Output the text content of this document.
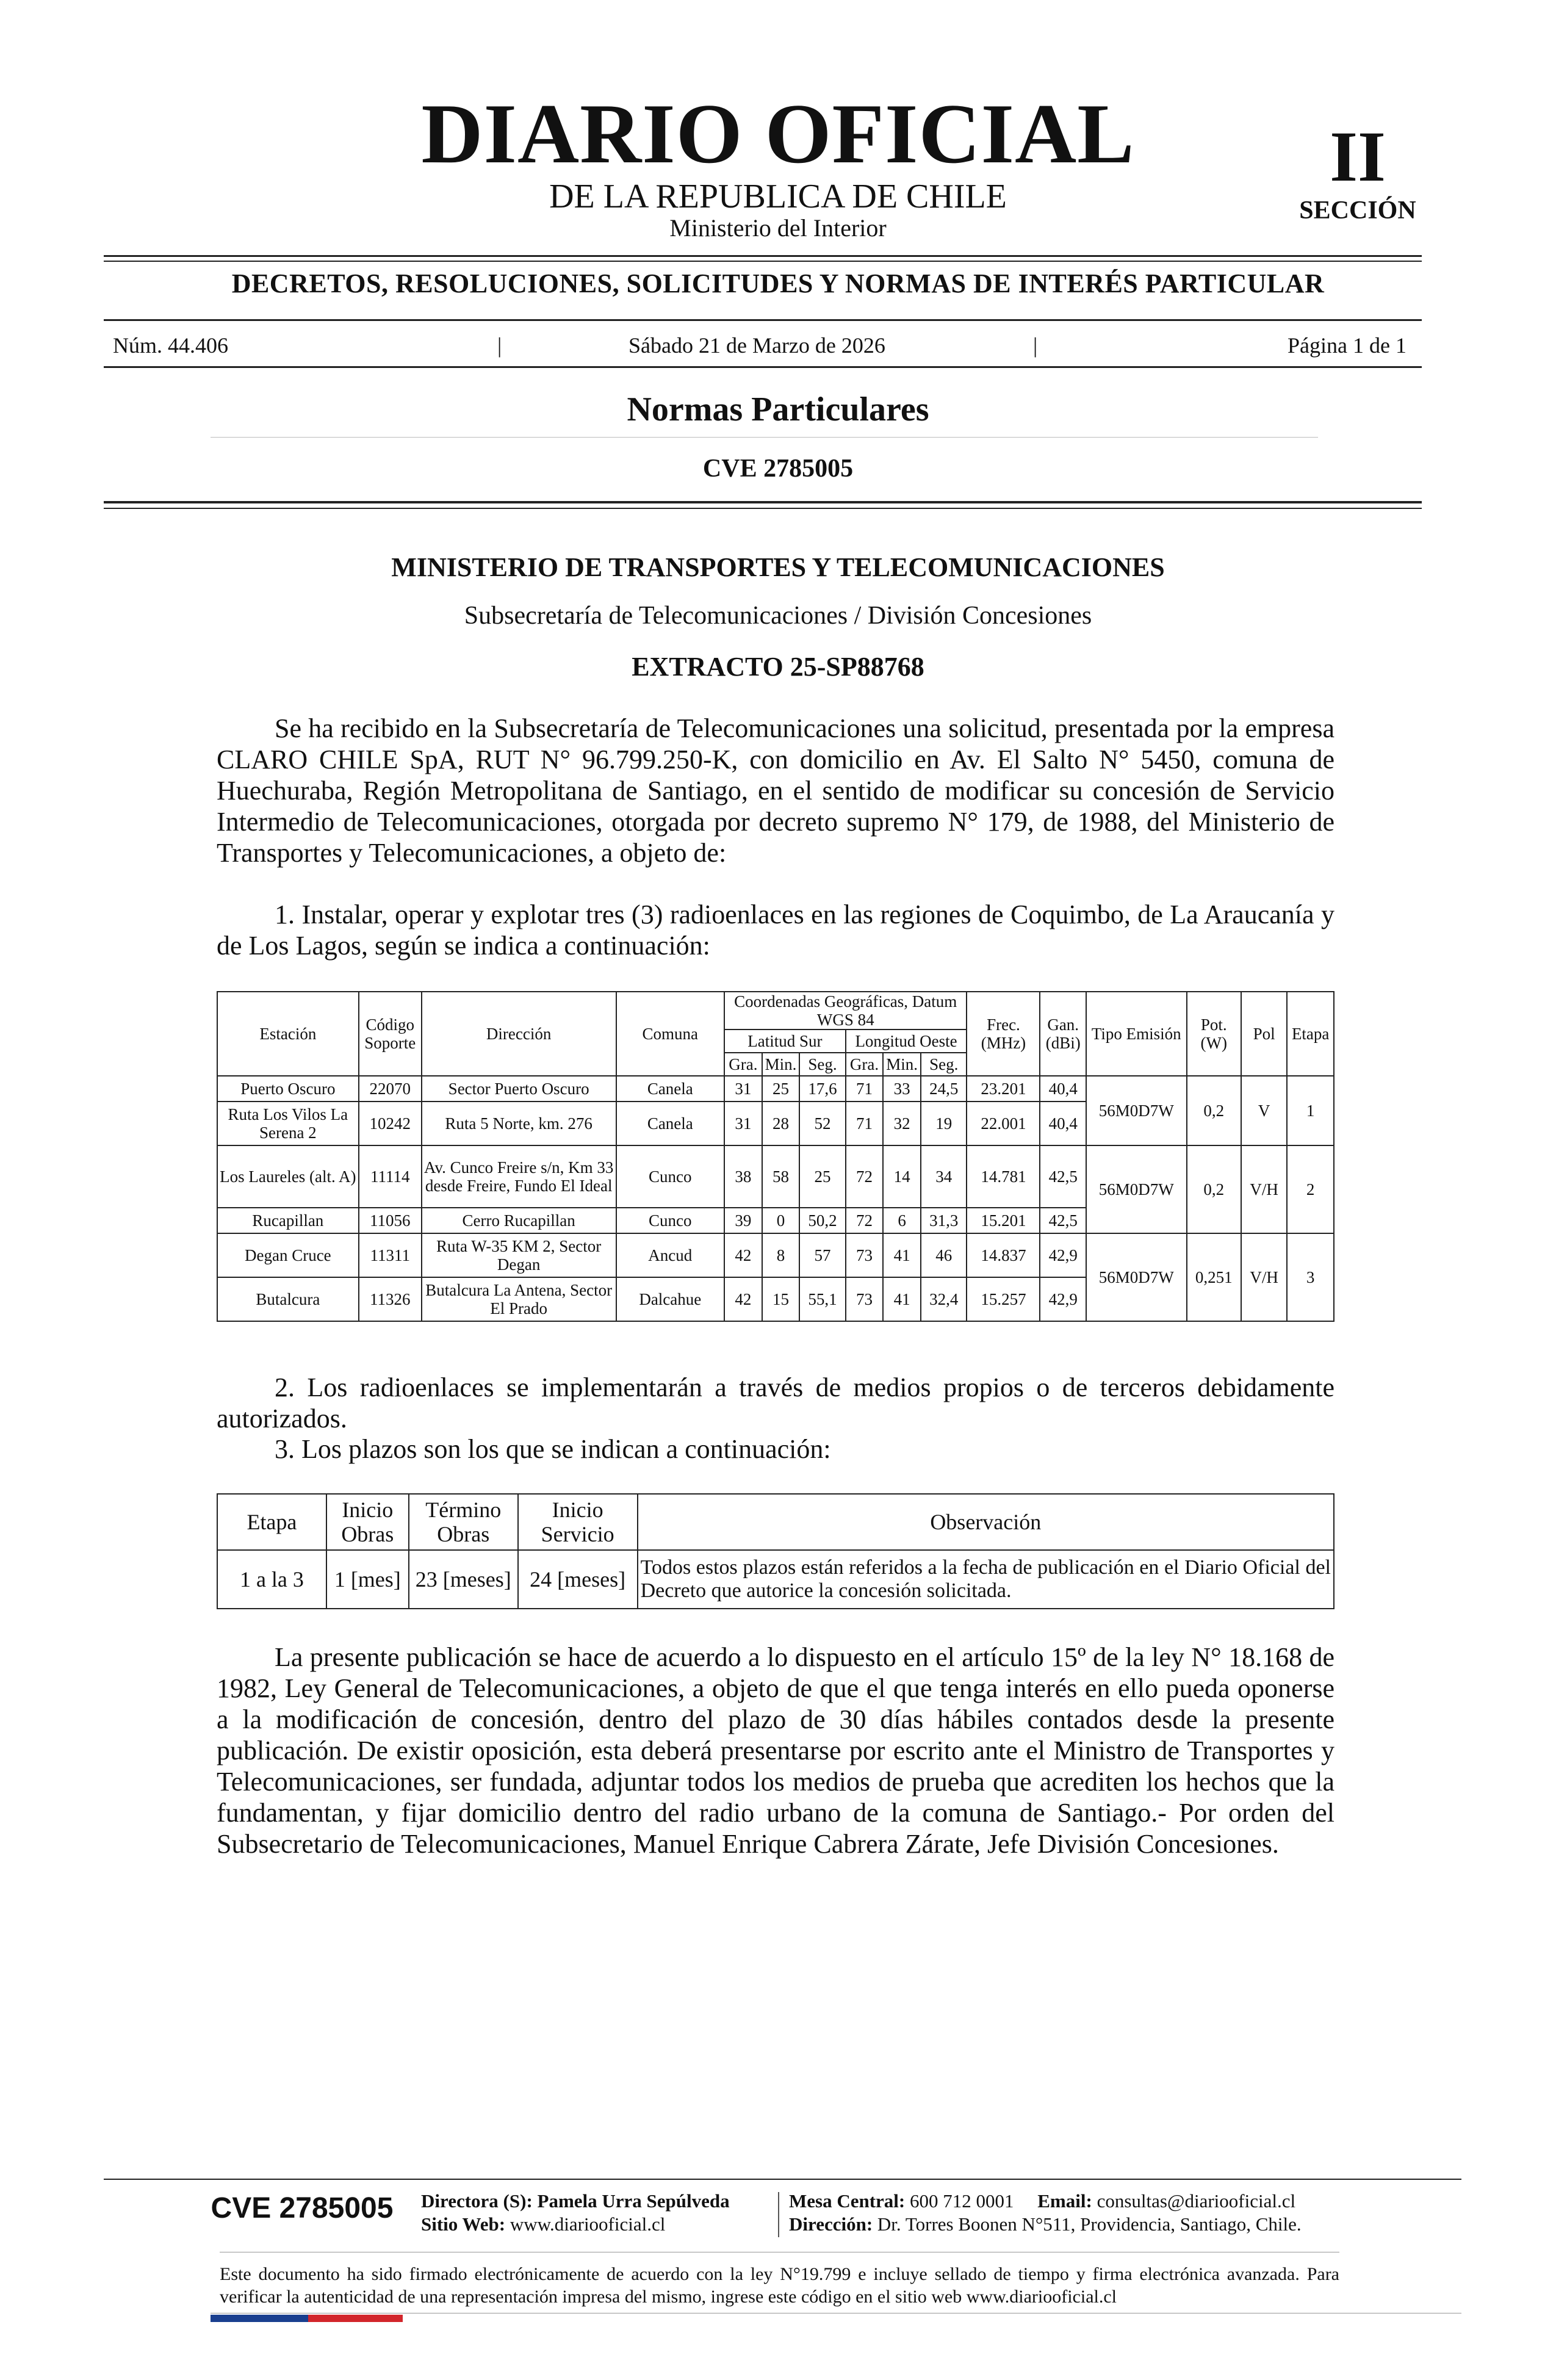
DIARIO OFICIAL
DE LA REPUBLICA DE CHILE
Ministerio del Interior
II
SECCIÓN
DECRETOS, RESOLUCIONES, SOLICITUDES Y NORMAS DE INTERÉS PARTICULAR
Núm. 44.406	|	Sábado 21 de Marzo de 2026	|	Página 1 de 1
Normas Particulares
CVE 2785005
MINISTERIO DE TRANSPORTES Y TELECOMUNICACIONES
Subsecretaría de Telecomunicaciones / División Concesiones
EXTRACTO 25-SP88768

Se ha recibido en la Subsecretaría de Telecomunicaciones una solicitud, presentada por la empresa CLARO CHILE SpA, RUT N° 96.799.250-K, con domicilio en Av. El Salto N° 5450, comuna de Huechuraba, Región Metropolitana de Santiago, en el sentido de modificar su concesión de Servicio Intermedio de Telecomunicaciones, otorgada por decreto supremo N° 179, de 1988, del Ministerio de Transportes y Telecomunicaciones, a objeto de:

1. Instalar, operar y explotar tres (3) radioenlaces en las regiones de Coquimbo, de La Araucanía y de Los Lagos, según se indica a continuación:

Estación	Código Soporte	Dirección	Comuna	Coordenadas Geográficas, Datum WGS 84						Frec. (MHz)	Gan. (dBi)	Tipo Emisión	Pot. (W)	Pol	Etapa
				Latitud Sur			Longitud Oeste								
				Gra.	Min.	Seg.	Gra.	Min.	Seg.						
Puerto Oscuro	22070	Sector Puerto Oscuro	Canela	31	25	17,6	71	33	24,5	23.201	40,4	56M0D7W	0,2	V	1
Ruta Los Vilos La Serena 2	10242	Ruta 5 Norte, km. 276	Canela	31	28	52	71	32	19	22.001	40,4				
Los Laureles (alt. A)	11114	Av. Cunco Freire s/n, Km 33 desde Freire, Fundo El Ideal	Cunco	38	58	25	72	14	34	14.781	42,5	56M0D7W	0,2	V/H	2
Rucapillan	11056	Cerro Rucapillan	Cunco	39	0	50,2	72	6	31,3	15.201	42,5				
Degan Cruce	11311	Ruta W-35 KM 2, Sector Degan	Ancud	42	8	57	73	41	46	14.837	42,9	56M0D7W	0,251	V/H	3
Butalcura	11326	Butalcura La Antena, Sector El Prado	Dalcahue	42	15	55,1	73	41	32,4	15.257	42,9				

2. Los radioenlaces se implementarán a través de medios propios o de terceros debidamente autorizados.

3. Los plazos son los que se indican a continuación:

Etapa	Inicio Obras	Término Obras	Inicio Servicio	Observación
1 a la 3	1 [mes]	23 [meses]	24 [meses]	Todos estos plazos están referidos a la fecha de publicación en el Diario Oficial del Decreto que autorice la concesión solicitada.

La presente publicación se hace de acuerdo a lo dispuesto en el artículo 15º de la ley N° 18.168 de 1982, Ley General de Telecomunicaciones, a objeto de que el que tenga interés en ello pueda oponerse a la modificación de concesión, dentro del plazo de 30 días hábiles contados desde la presente publicación. De existir oposición, esta deberá presentarse por escrito ante el Ministro de Transportes y Telecomunicaciones, ser fundada, adjuntar todos los medios de prueba que acrediten los hechos que la fundamentan, y fijar domicilio dentro del radio urbano de la comuna de Santiago.- Por orden del Subsecretario de Telecomunicaciones, Manuel Enrique Cabrera Zárate, Jefe División Concesiones.

CVE 2785005	Directora (S): Pamela Urra Sepúlveda
Sitio Web: www.diariooficial.cl
Mesa Central: 600 712 0001 Email: consultas@diariooficial.cl
Dirección: Dr. Torres Boonen N°511, Providencia, Santiago, Chile.
Este documento ha sido firmado electrónicamente de acuerdo con la ley N°19.799 e incluye sellado de tiempo y firma electrónica avanzada. Para verificar la autenticidad de una representación impresa del mismo, ingrese este código en el sitio web www.diariooficial.cl
